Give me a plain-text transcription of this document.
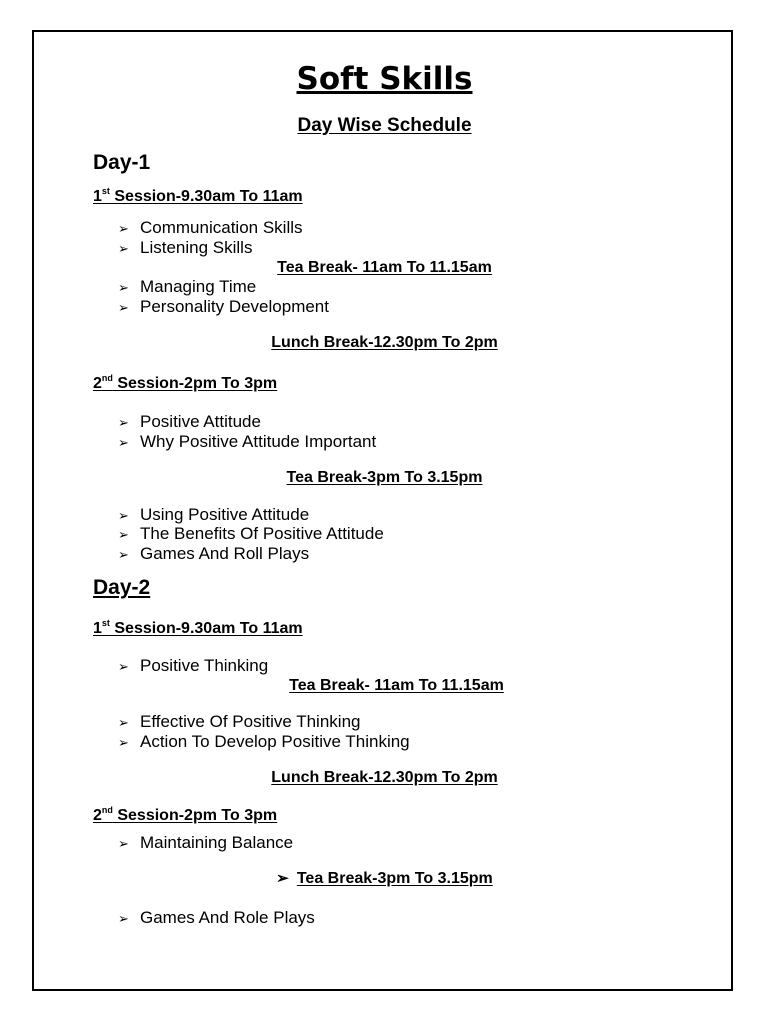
Soft Skills
Day Wise Schedule
Day-1
1st Session-9.30am To 11am
➢ Communication Skills
➢ Listening Skills
Tea Break- 11am To 11.15am
➢ Managing Time
➢ Personality Development
Lunch Break-12.30pm To 2pm
2nd Session-2pm To 3pm
➢ Positive Attitude
➢ Why Positive Attitude Important
Tea Break-3pm To 3.15pm
➢ Using Positive Attitude
➢ The Benefits Of Positive Attitude
➢ Games And Roll Plays
Day-2
1st Session-9.30am To 11am
➢ Positive Thinking
Tea Break- 11am To 11.15am
➢ Effective Of Positive Thinking
➢ Action To Develop Positive Thinking
Lunch Break-12.30pm To 2pm
2nd Session-2pm To 3pm
➢ Maintaining Balance
➢ Tea Break-3pm To 3.15pm
➢ Games And Role Plays
